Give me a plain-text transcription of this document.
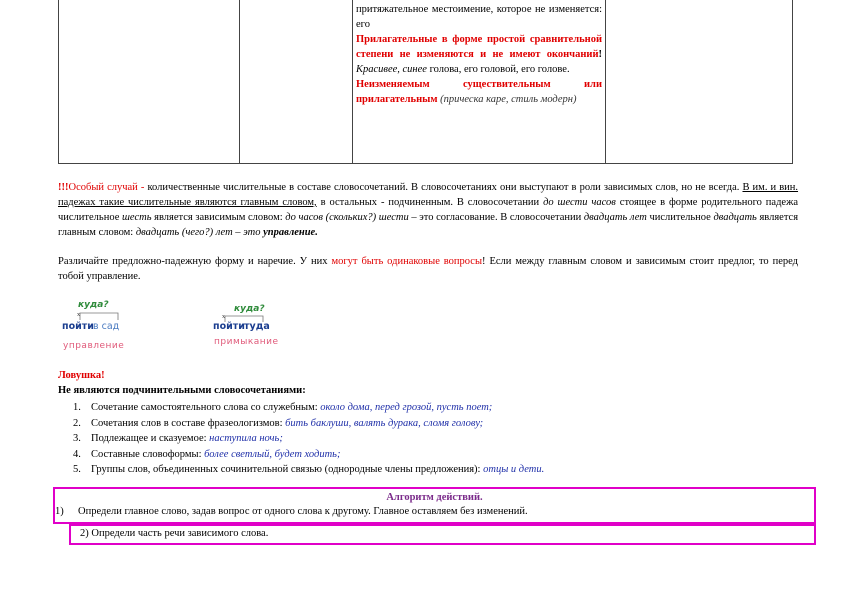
		притяжательное местоимение, которое не изменяется: его
Прилагательные в форме простой сравнительной степени не изменяются и не имеют окончаний! Красивее, синее голова, его головой, его голове.
Неизменяемым существительным или прилагательным (прическа каре, стиль модерн)	
!!!Особый случай - количественные числительные в составе словосочетаний. В словосочетаниях они выступают в роли зависимых слов, но не всегда. В им. и вин. падежах такие числительные являются главным словом, в остальных - подчиненным. В словосочетании до шести часов стоящее в форме родительного падежа числительное шесть является зависимым словом: до часов (скольких?) шести – это согласование. В словосочетании двадцать лет числительное двадцать является главным словом: двадцать (чего?) лет – это управление.
Различайте предложно-падежную форму и наречие. У них могут быть одинаковые вопросы! Если между главным словом и зависимым стоит предлог, то перед тобой управление.
куда?
x
пойти в сад
управление
куда?
x
пойти туда
примыкание
Ловушка!
Не являются подчинительными словосочетаниями:
1. Сочетание самостоятельного слова со служебным: около дома, перед грозой, пусть поет;
2. Сочетания слов в составе фразеологизмов: бить баклуши, валять дурака, сломя голову;
3. Подлежащее и сказуемое: наступила ночь;
4. Составные словоформы: более светлый, будет ходить;
5. Группы слов, объединенных сочинительной связью (однородные члены предложения): отцы и дети.
Алгоритм действий.
1) Определи главное слово, задав вопрос от одного слова к другому. Главное оставляем без изменений.
2) Определи часть речи зависимого слова.
